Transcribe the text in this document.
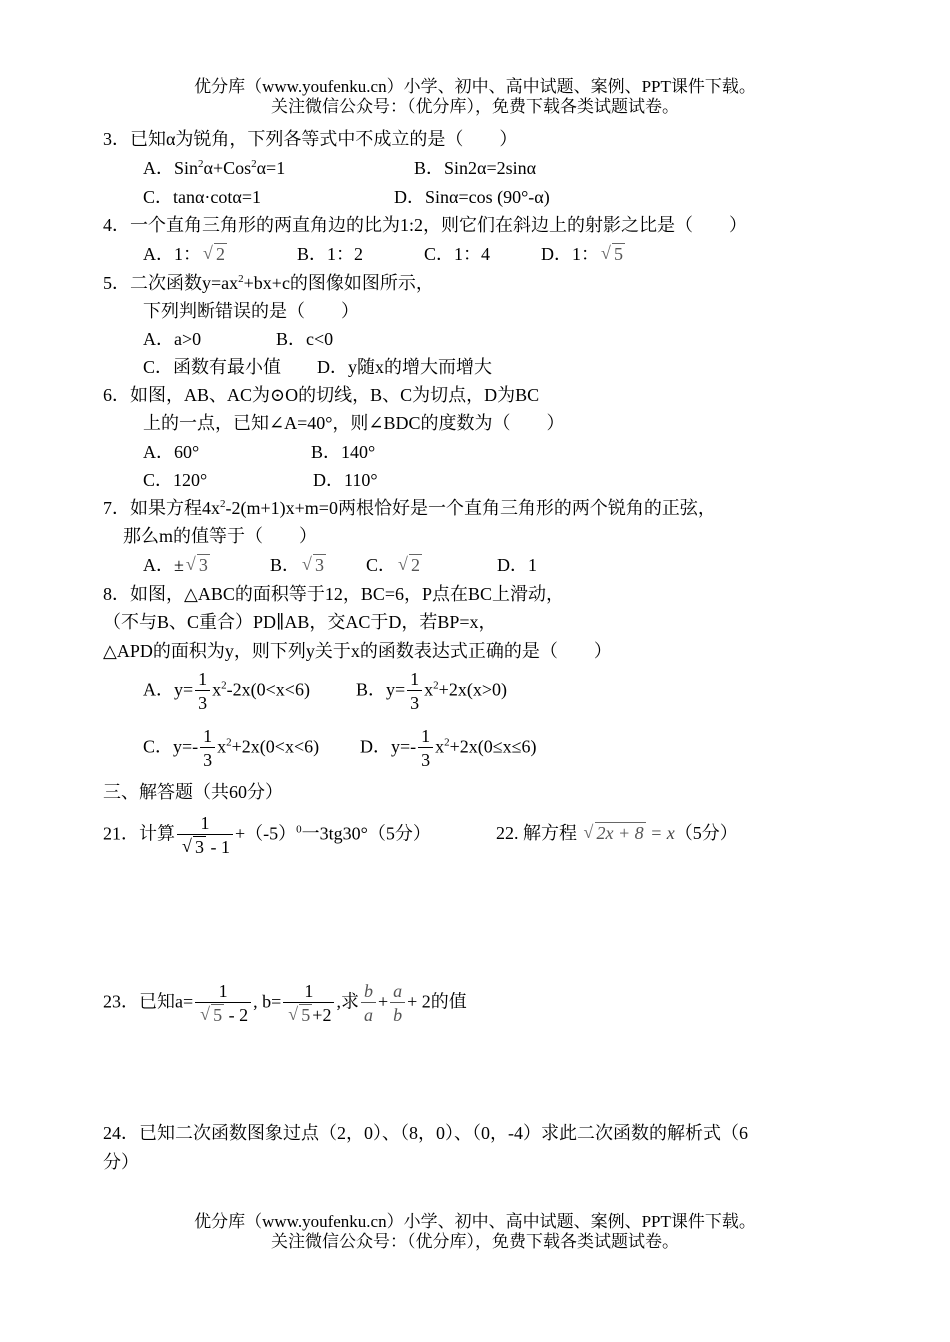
优分库（www.youfenku.cn）小学、初中、高中试题、案例、PPT课件下载。
关注微信公众号：（优分库），免费下载各类试题试卷。
3．已知α为锐角，下列各等式中不成立的是（　　）
A．Sin$^2$α+Cos$^2$α=1	B．Sin2α=2sinα
C．tanα·cotα=1	D．Sinα=cos (90°-α)
4．一个直角三角形的两直角边的比为1:2，则它们在斜边上的射影之比是（　　）
A．1： √ 2	B．1：2	C．1：4	D．1： √ 5
5．二次函数$y=ax^2+bx+c$的图像如图所示，
下列判断错误的是（　　）
A．a>0	B．c<0
C．函数有最小值 D．y随x的增大而增大
6．如图，AB、AC为⊙O的切线，B、C为切点，D为BC
上的一点，已知∠A=40°，则∠BDC的度数为（　　）
A．60°	B．140°
C．120°	D．110°
7．如果方程$4x^2-2(m+1)x+m=0$两根恰好是一个直角三角形的两个锐角的正弦，
那么m的值等于（　　）
A．± √ 3	B． √ 3 C． √ 2	D．1
8．如图，△ABC的面积等于12，BC=6，P点在BC上滑动，
（不与B、C重合）PD∥AB，交AC于D，若BP=x，
△APD的面积为y，则下列y关于x的函数表达式正确的是（　　）
A．$y= \frac{1}{3} x^2-2x(0<x<6)$	B．$y= \frac{1}{3} x^2+2x(x>0)$
C．$y=- \frac{1}{3} x^2+2x(0<x<6)$ D．$y=- \frac{1}{3} x^2+2x(0\le x\le 6)$
三、解答题（共60分）
21．计算 1
√ $3 - 1 +(-5)^0$一3tg30°（5分）	22. 解方程 √ 2x + 8 = x（5分）
23．已知a= 1
√ 5 - 2 , b= 1
√ 5 +2 ,求 $\frac{b}{a} + \frac{a}{b} + 2$的值
24．已知二次函数图象过点（2，0）、（8，0）、（0，-4）求此二次函数的解析式（6
分）
优分库（www.youfenku.cn）小学、初中、高中试题、案例、PPT课件下载。
关注微信公众号：（优分库），免费下载各类试题试卷。
